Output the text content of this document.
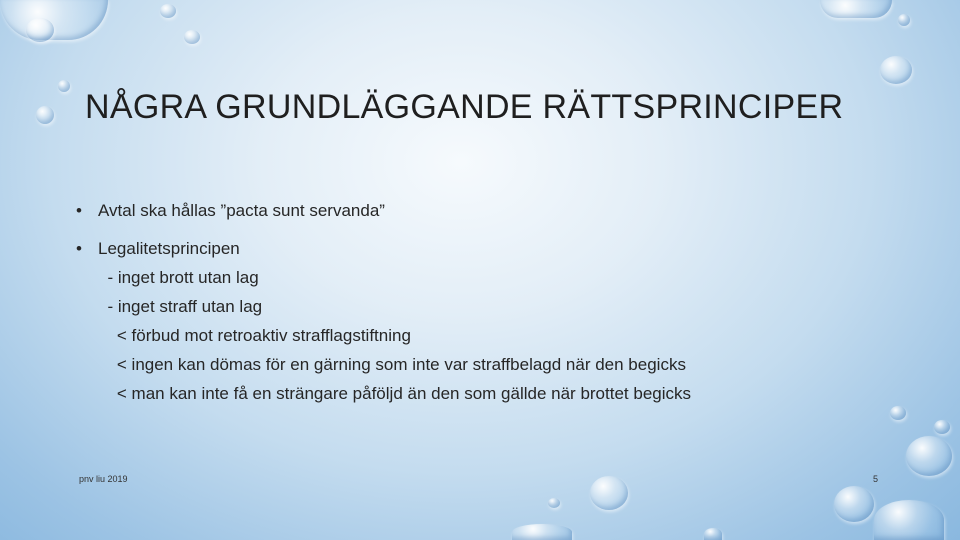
NÅGRA GRUNDLÄGGANDE RÄTTSPRINCIPER
• Avtal ska hållas ”pacta sunt servanda”
• Legalitetsprincipen
- inget brott utan lag
- inget straff utan lag
< förbud mot retroaktiv strafflagstiftning
< ingen kan dömas för en gärning som inte var straffbelagd när den begicks
< man kan inte få en strängare påföljd än den som gällde när brottet begicks
pnv liu 2019	5
